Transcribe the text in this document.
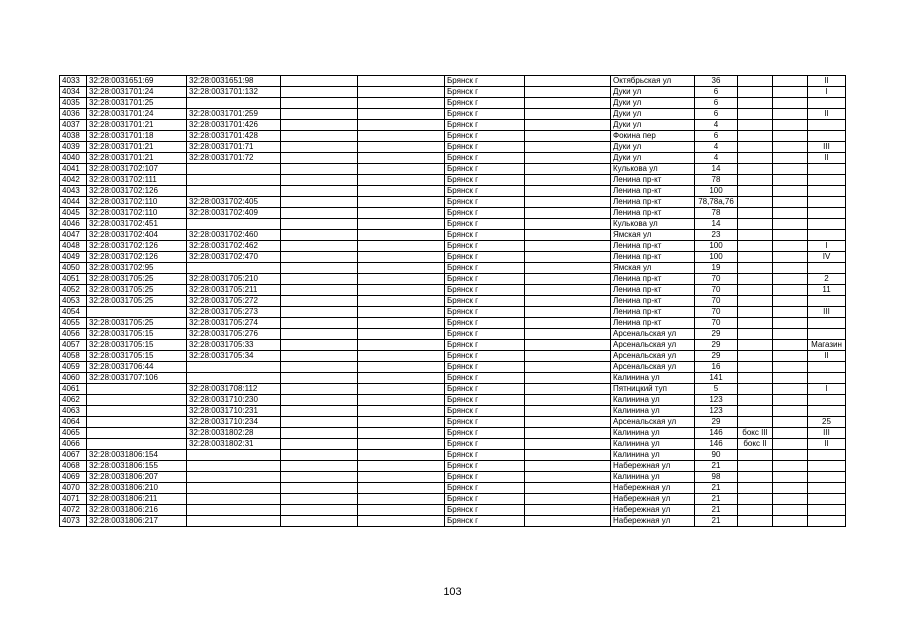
4033	32:28:0031651:69	32:28:0031651:98			Брянск г		Октябрьская ул	36			II
4034	32:28:0031701:24	32:28:0031701:132			Брянск г		Дуки ул	6			I
4035	32:28:0031701:25				Брянск г		Дуки ул	6			
4036	32:28:0031701:24	32:28:0031701:259			Брянск г		Дуки ул	6			II
4037	32:28:0031701:21	32:28:0031701:426			Брянск г		Дуки ул	4			
4038	32:28:0031701:18	32:28:0031701:428			Брянск г		Фокина пер	6			
4039	32:28:0031701:21	32:28:0031701:71			Брянск г		Дуки ул	4			III
4040	32:28:0031701:21	32:28:0031701:72			Брянск г		Дуки ул	4			II
4041	32:28:0031702:107				Брянск г		Кулькова ул	14			
4042	32:28:0031702:111				Брянск г		Ленина пр-кт	78			
4043	32:28:0031702:126				Брянск г		Ленина пр-кт	100			
4044	32:28:0031702:110	32:28:0031702:405			Брянск г		Ленина пр-кт	78,78а,76			
4045	32:28:0031702:110	32:28:0031702:409			Брянск г		Ленина пр-кт	78			
4046	32:28:0031702:451				Брянск г		Кулькова ул	14			
4047	32:28:0031702:404	32:28:0031702:460			Брянск г		Ямская ул	23			
4048	32:28:0031702:126	32:28:0031702:462			Брянск г		Ленина пр-кт	100			I
4049	32:28:0031702:126	32:28:0031702:470			Брянск г		Ленина пр-кт	100			IV
4050	32:28:0031702:95				Брянск г		Ямская ул	19			
4051	32:28:0031705:25	32:28:0031705:210			Брянск г		Ленина пр-кт	70			2
4052	32:28:0031705:25	32:28:0031705:211			Брянск г		Ленина пр-кт	70			11
4053	32:28:0031705:25	32:28:0031705:272			Брянск г		Ленина пр-кт	70			
4054		32:28:0031705:273			Брянск г		Ленина пр-кт	70			III
4055	32:28:0031705:25	32:28:0031705:274			Брянск г		Ленина пр-кт	70			
4056	32:28:0031705:15	32:28:0031705:276			Брянск г		Арсенальская ул	29			
4057	32:28:0031705:15	32:28:0031705:33			Брянск г		Арсенальская ул	29			Магазин
4058	32:28:0031705:15	32:28:0031705:34			Брянск г		Арсенальская ул	29			II
4059	32:28:0031706:44				Брянск г		Арсенальская ул	16			
4060	32:28:0031707:106				Брянск г		Калинина ул	141			
4061		32:28:0031708:112			Брянск г		Пятницкий туп	5			I
4062		32:28:0031710:230			Брянск г		Калинина ул	123			
4063		32:28:0031710:231			Брянск г		Калинина ул	123			
4064		32:28:0031710:234			Брянск г		Арсенальская ул	29			25
4065		32:28:0031802:28			Брянск г		Калинина ул	146	бокс III		III
4066		32:28:0031802:31			Брянск г		Калинина ул	146	бокс II		II
4067	32:28:0031806:154				Брянск г		Калинина ул	90			
4068	32:28:0031806:155				Брянск г		Набережная ул	21			
4069	32:28:0031806:207				Брянск г		Калинина ул	98			
4070	32:28:0031806:210				Брянск г		Набережная ул	21			
4071	32:28:0031806:211				Брянск г		Набережная ул	21			
4072	32:28:0031806:216				Брянск г		Набережная ул	21			
4073	32:28:0031806:217				Брянск г		Набережная ул	21			
103
